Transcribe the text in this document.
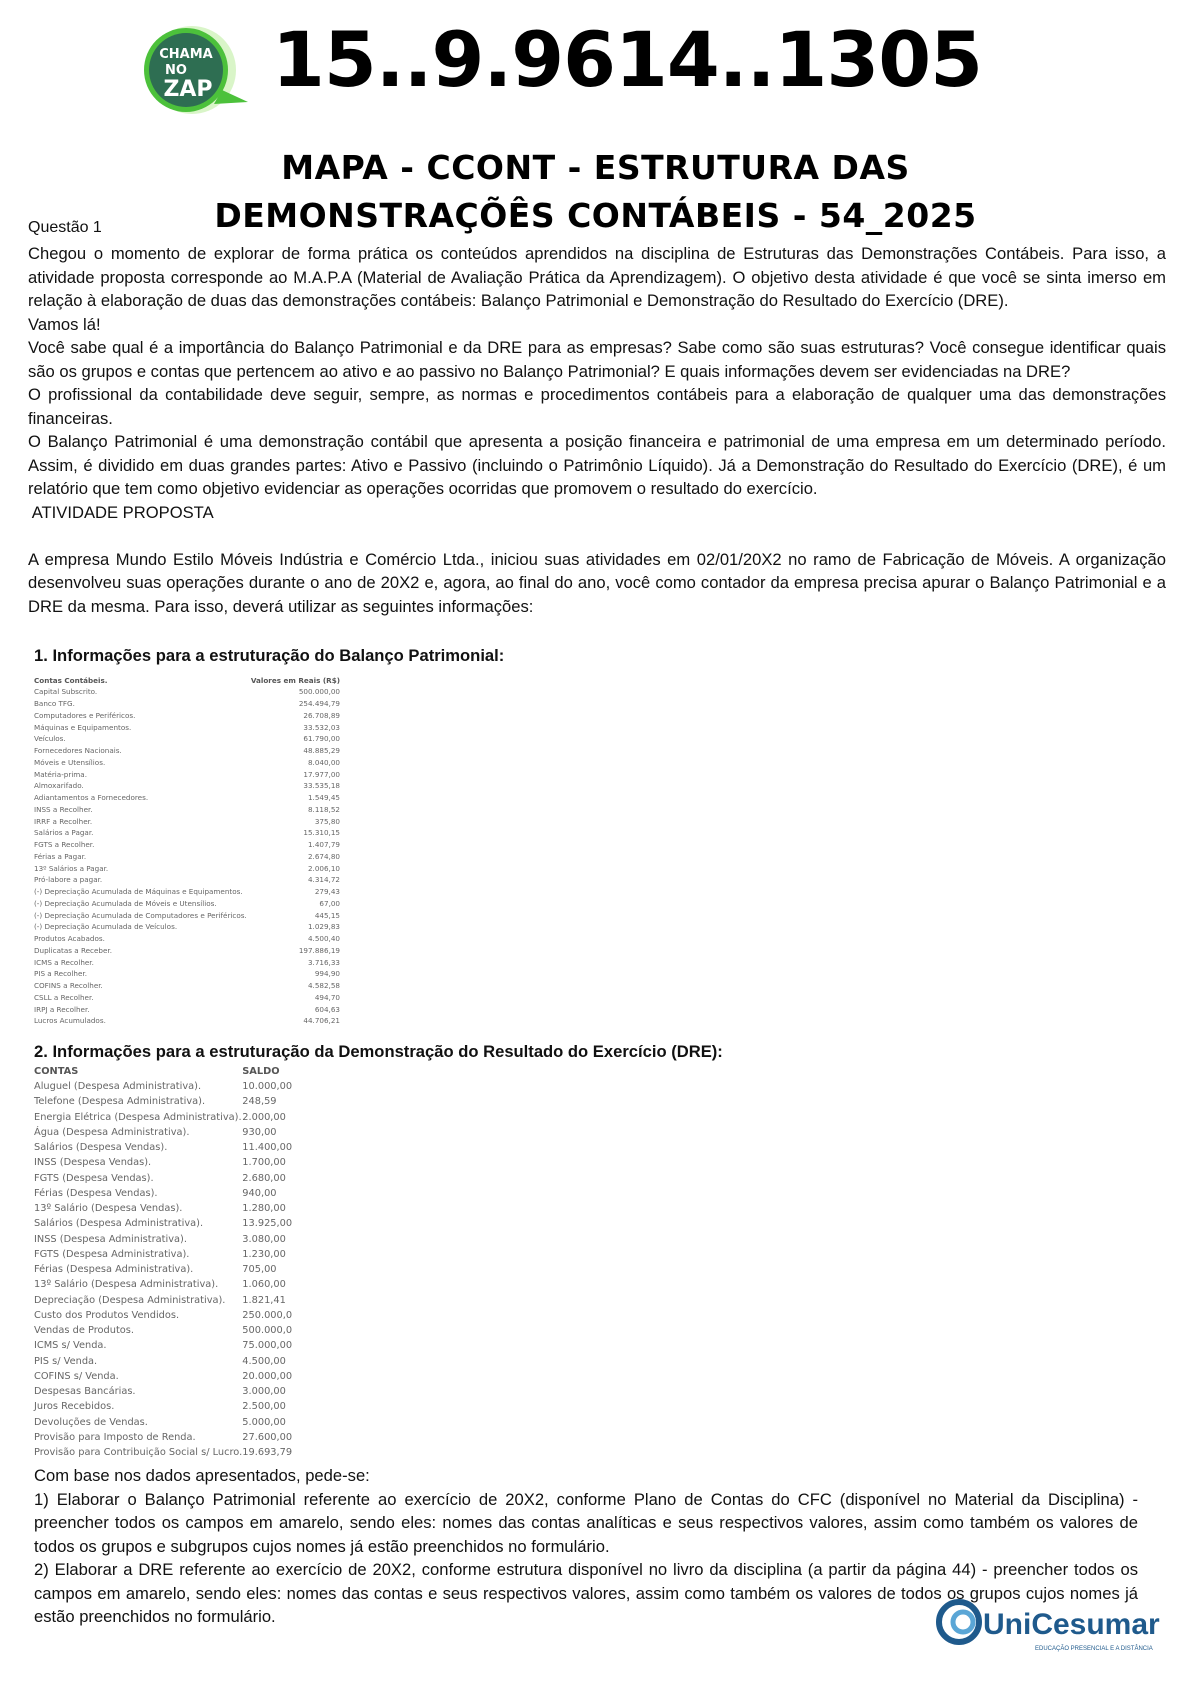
CHAMA
NO
ZAP 15..9.9614..1305
MAPA - CCONT - ESTRUTURA DAS
DEMONSTRAÇÕÊS CONTÁBEIS - 54_2025
Questão 1

Chegou o momento de explorar de forma prática os conteúdos aprendidos na disciplina de Estruturas das Demonstrações Contábeis. Para isso, a atividade proposta corresponde ao M.A.P.A (Material de Avaliação Prática da Aprendizagem). O objetivo desta atividade é que você se sinta imerso em relação à elaboração de duas das demonstrações contábeis: Balanço Patrimonial e Demonstração do Resultado do Exercício (DRE).

Vamos lá!

Você sabe qual é a importância do Balanço Patrimonial e da DRE para as empresas? Sabe como são suas estruturas? Você consegue identificar quais são os grupos e contas que pertencem ao ativo e ao passivo no Balanço Patrimonial? E quais informações devem ser evidenciadas na DRE?

O profissional da contabilidade deve seguir, sempre, as normas e procedimentos contábeis para a elaboração de qualquer uma das demonstrações financeiras.

O Balanço Patrimonial é uma demonstração contábil que apresenta a posição financeira e patrimonial de uma empresa em um determinado período. Assim, é dividido em duas grandes partes: Ativo e Passivo (incluindo o Patrimônio Líquido). Já a Demonstração do Resultado do Exercício (DRE), é um relatório que tem como objetivo evidenciar as operações ocorridas que promovem o resultado do exercício.

ATIVIDADE PROPOSTA

A empresa Mundo Estilo Móveis Indústria e Comércio Ltda., iniciou suas atividades em 02/01/20X2 no ramo de Fabricação de Móveis. A organização desenvolveu suas operações durante o ano de 20X2 e, agora, ao final do ano, você como contador da empresa precisa apurar o Balanço Patrimonial e a DRE da mesma. Para isso, deverá utilizar as seguintes informações:

1. Informações para a estruturação do Balanço Patrimonial:
Contas Contábeis.	Valores em Reais (R$)
Capital Subscrito.	500.000,00
Banco TFG.	254.494,79
Computadores e Periféricos.	26.708,89
Máquinas e Equipamentos.	33.532,03
Veículos.	61.790,00
Fornecedores Nacionais.	48.885,29
Móveis e Utensílios.	8.040,00
Matéria-prima.	17.977,00
Almoxarifado.	33.535,18
Adiantamentos a Fornecedores.	1.549,45
INSS a Recolher.	8.118,52
IRRF a Recolher.	375,80
Salários a Pagar.	15.310,15
FGTS a Recolher.	1.407,79
Férias a Pagar.	2.674,80
13º Salários a Pagar.	2.006,10
Pró-labore a pagar.	4.314,72
(-) Depreciação Acumulada de Máquinas e Equipamentos.	279,43
(-) Depreciação Acumulada de Móveis e Utensílios.	67,00
(-) Depreciação Acumulada de Computadores e Periféricos.	445,15
(-) Depreciação Acumulada de Veículos.	1.029,83
Produtos Acabados.	4.500,40
Duplicatas a Receber.	197.886,19
ICMS a Recolher.	3.716,33
PIS a Recolher.	994,90
COFINS a Recolher.	4.582,58
CSLL a Recolher.	494,70
IRPJ a Recolher.	604,63
Lucros Acumulados.	44.706,21
2. Informações para a estruturação da Demonstração do Resultado do Exercício (DRE):
CONTAS	SALDO
Aluguel (Despesa Administrativa).	10.000,00
Telefone (Despesa Administrativa).	248,59
Energia Elétrica (Despesa Administrativa).	2.000,00
Água (Despesa Administrativa).	930,00
Salários (Despesa Vendas).	11.400,00
INSS (Despesa Vendas).	1.700,00
FGTS (Despesa Vendas).	2.680,00
Férias (Despesa Vendas).	940,00
13º Salário (Despesa Vendas).	1.280,00
Salários (Despesa Administrativa).	13.925,00
INSS (Despesa Administrativa).	3.080,00
FGTS (Despesa Administrativa).	1.230,00
Férias (Despesa Administrativa).	705,00
13º Salário (Despesa Administrativa).	1.060,00
Depreciação (Despesa Administrativa).	1.821,41
Custo dos Produtos Vendidos.	250.000,0
Vendas de Produtos.	500.000,0
ICMS s/ Venda.	75.000,00
PIS s/ Venda.	4.500,00
COFINS s/ Venda.	20.000,00
Despesas Bancárias.	3.000,00
Juros Recebidos.	2.500,00
Devoluções de Vendas.	5.000,00
Provisão para Imposto de Renda.	27.600,00
Provisão para Contribuição Social s/ Lucro.	19.693,79

Com base nos dados apresentados, pede-se:

1) Elaborar o Balanço Patrimonial referente ao exercício de 20X2, conforme Plano de Contas do CFC (disponível no Material da Disciplina) - preencher todos os campos em amarelo, sendo eles: nomes das contas analíticas e seus respectivos valores, assim como também os valores de todos os grupos e subgrupos cujos nomes já estão preenchidos no formulário.

2) Elaborar a DRE referente ao exercício de 20X2, conforme estrutura disponível no livro da disciplina (a partir da página 44) - preencher todos os campos em amarelo, sendo eles: nomes das contas e seus respectivos valores, assim como também os valores de todos os grupos cujos nomes já estão preenchidos no formulário.	UniCesumar
EDUCAÇÃO PRESENCIAL E A DISTÂNCIA
